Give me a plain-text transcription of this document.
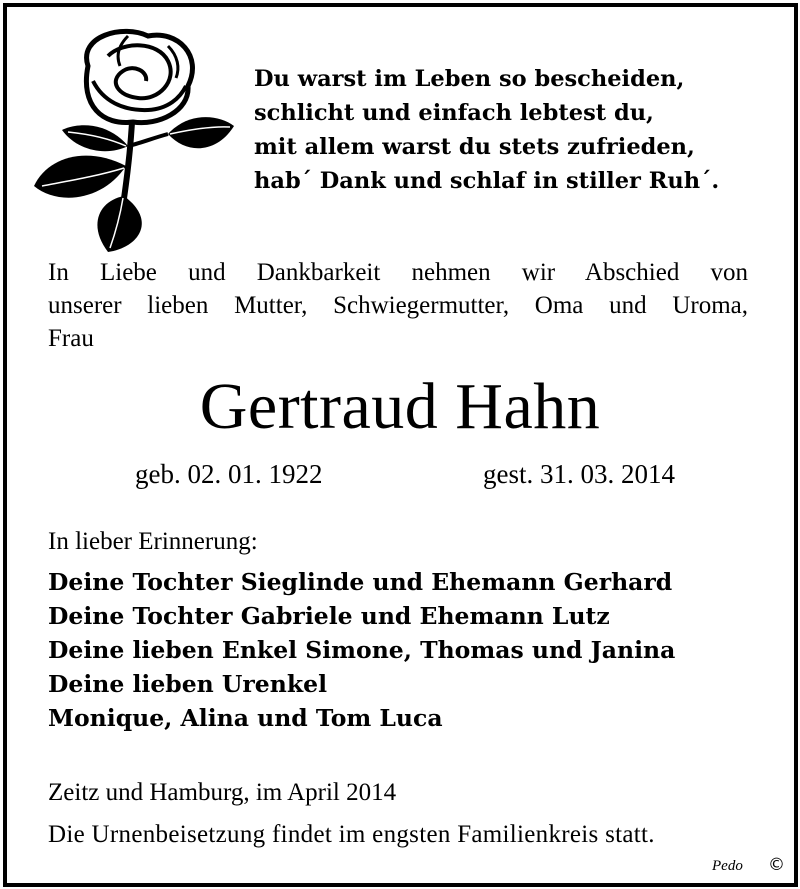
Du warst im Leben so bescheiden,
schlicht und einfach lebtest du,
mit allem warst du stets zufrieden,
hab´ Dank und schlaf in stiller Ruh´.
In Liebe und Dankbarkeit nehmen wir Abschied von
unserer lieben Mutter, Schwiegermutter, Oma und Uroma,
Frau
Gertraud Hahn
geb. 02. 01. 1922	gest. 31. 03. 2014
In lieber Erinnerung:
Deine Tochter Sieglinde und Ehemann Gerhard
Deine Tochter Gabriele und Ehemann Lutz
Deine lieben Enkel Simone, Thomas und Janina
Deine lieben Urenkel
Monique, Alina und Tom Luca
Zeitz und Hamburg, im April 2014
Die Urnenbeisetzung findet im engsten Familienkreis statt.
Pedo ©
